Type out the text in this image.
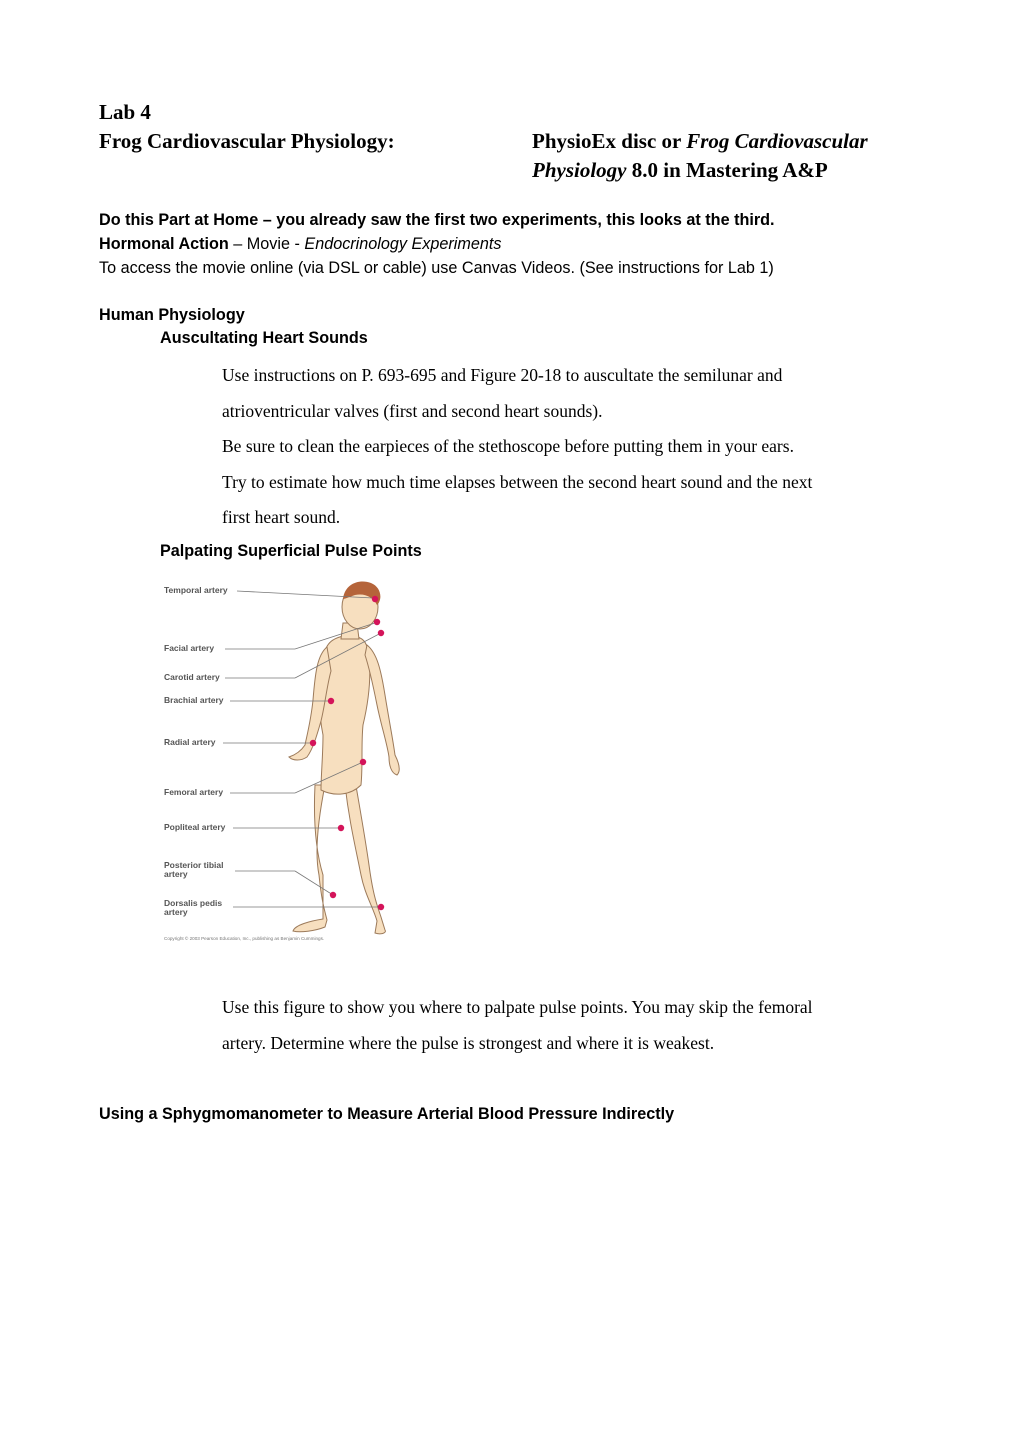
Lab 4
Frog Cardiovascular Physiology:	PhysioEx disc or Frog Cardiovascular
Physiology 8.0 in Mastering A&P
Do this Part at Home – you already saw the first two experiments, this looks at the third.
Hormonal Action – Movie - Endocrinology Experiments
To access the movie online (via DSL or cable) use Canvas Videos. (See instructions for Lab 1)
Human Physiology
Auscultating Heart Sounds
Use instructions on P. 693-695 and Figure 20-18 to auscultate the semilunar and
atrioventricular valves (first and second heart sounds).
Be sure to clean the earpieces of the stethoscope before putting them in your ears.
Try to estimate how much time elapses between the second heart sound and the next
first heart sound.
Palpating Superficial Pulse Points
Temporal artery
Facial artery
Carotid artery
Brachial artery
Radial artery
Femoral artery
Popliteal artery
Posterior tibial
artery
Dorsalis pedis
artery
Copyright © 2003 Pearson Education, Inc., publishing as Benjamin Cummings.
Use this figure to show you where to palpate pulse points. You may skip the femoral
artery. Determine where the pulse is strongest and where it is weakest.
Using a Sphygmomanometer to Measure Arterial Blood Pressure Indirectly
